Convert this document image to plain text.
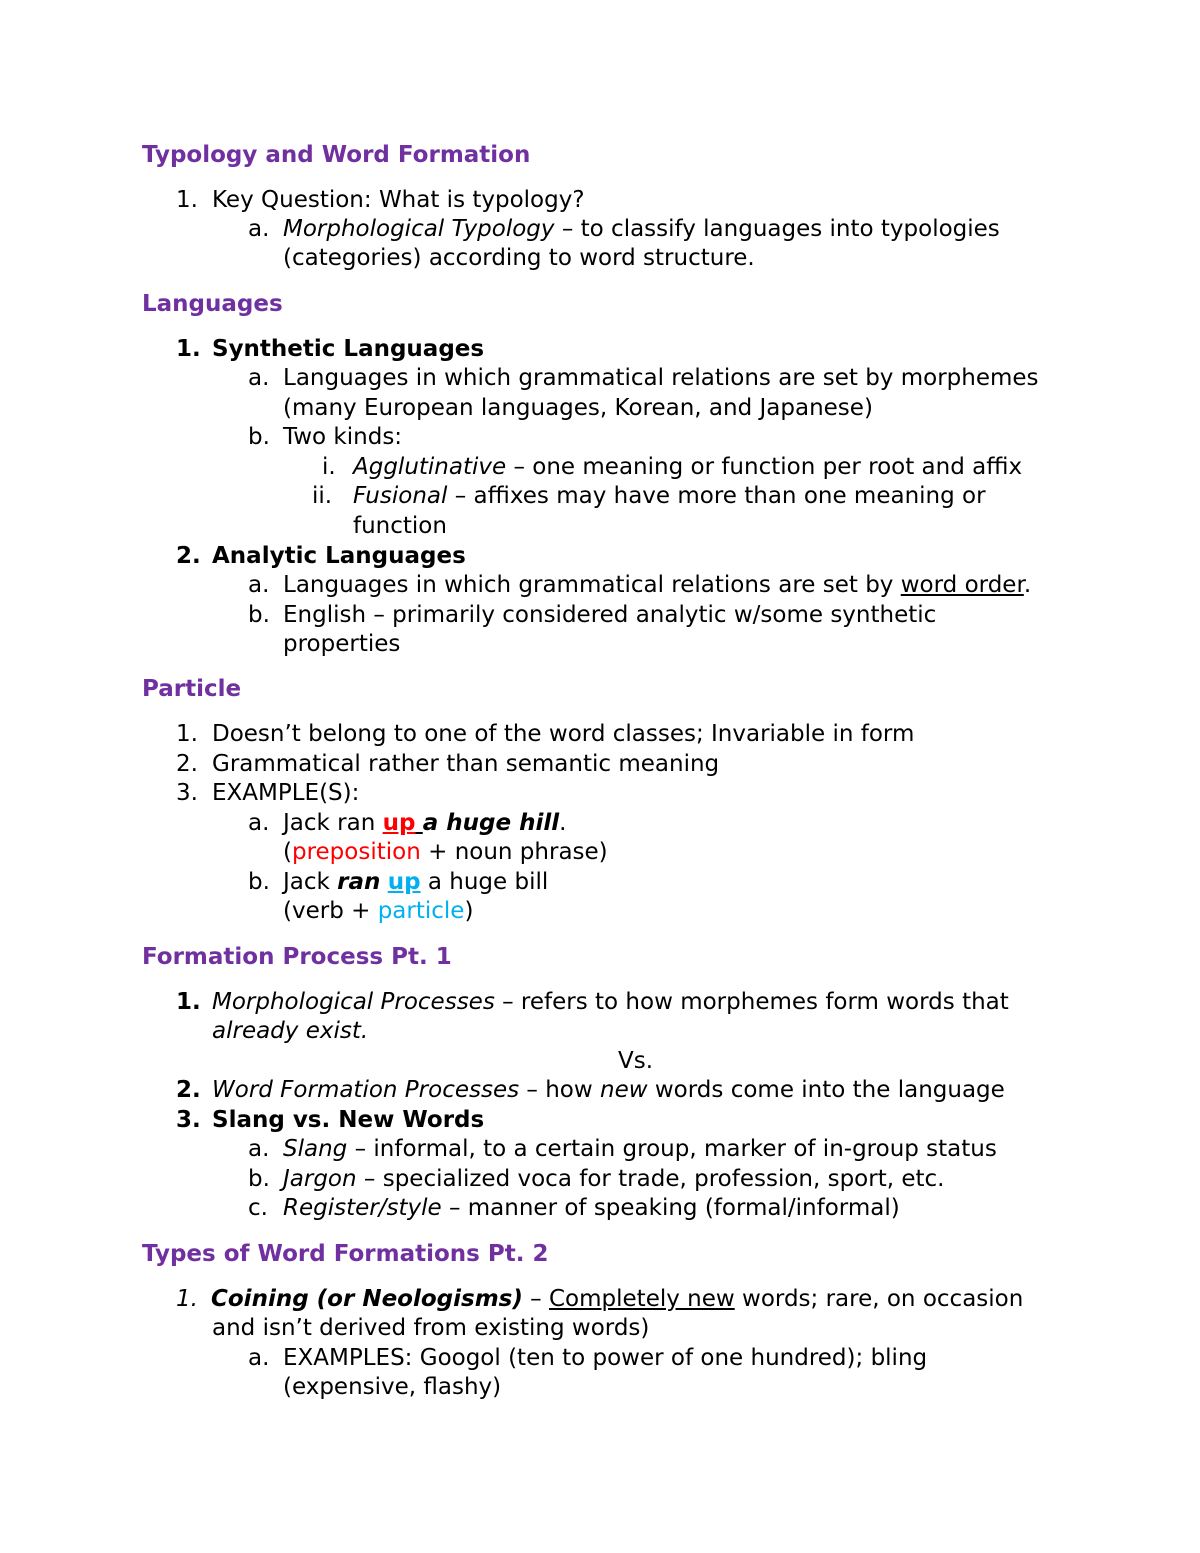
Typology and Word Formation
1. Key Question: What is typology?
a. Morphological Typology – to classify languages into typologies
(categories) according to word structure.
Languages
1. Synthetic Languages
a. Languages in which grammatical relations are set by morphemes
(many European languages, Korean, and Japanese)
b. Two kinds:
i. Agglutinative – one meaning or function per root and affix
ii. Fusional – affixes may have more than one meaning or
function
2. Analytic Languages
a. Languages in which grammatical relations are set by word order.
b. English – primarily considered analytic w/some synthetic
properties
Particle
1. Doesn’t belong to one of the word classes; Invariable in form
2. Grammatical rather than semantic meaning
3. EXAMPLE(S):
a. Jack ran up a huge hill.
(preposition + noun phrase)
b. Jack ran up a huge bill
(verb + particle)
Formation Process Pt. 1
1. Morphological Processes – refers to how morphemes form words that
already exist.
Vs.
2. Word Formation Processes – how new words come into the language
3. Slang vs. New Words
a. Slang – informal, to a certain group, marker of in-group status
b. Jargon – specialized voca for trade, profession, sport, etc.
c. Register/style – manner of speaking (formal/informal)
Types of Word Formations Pt. 2
1. Coining (or Neologisms) – Completely new words; rare, on occasion
and isn’t derived from existing words)
a. EXAMPLES: Googol (ten to power of one hundred); bling
(expensive, flashy)
